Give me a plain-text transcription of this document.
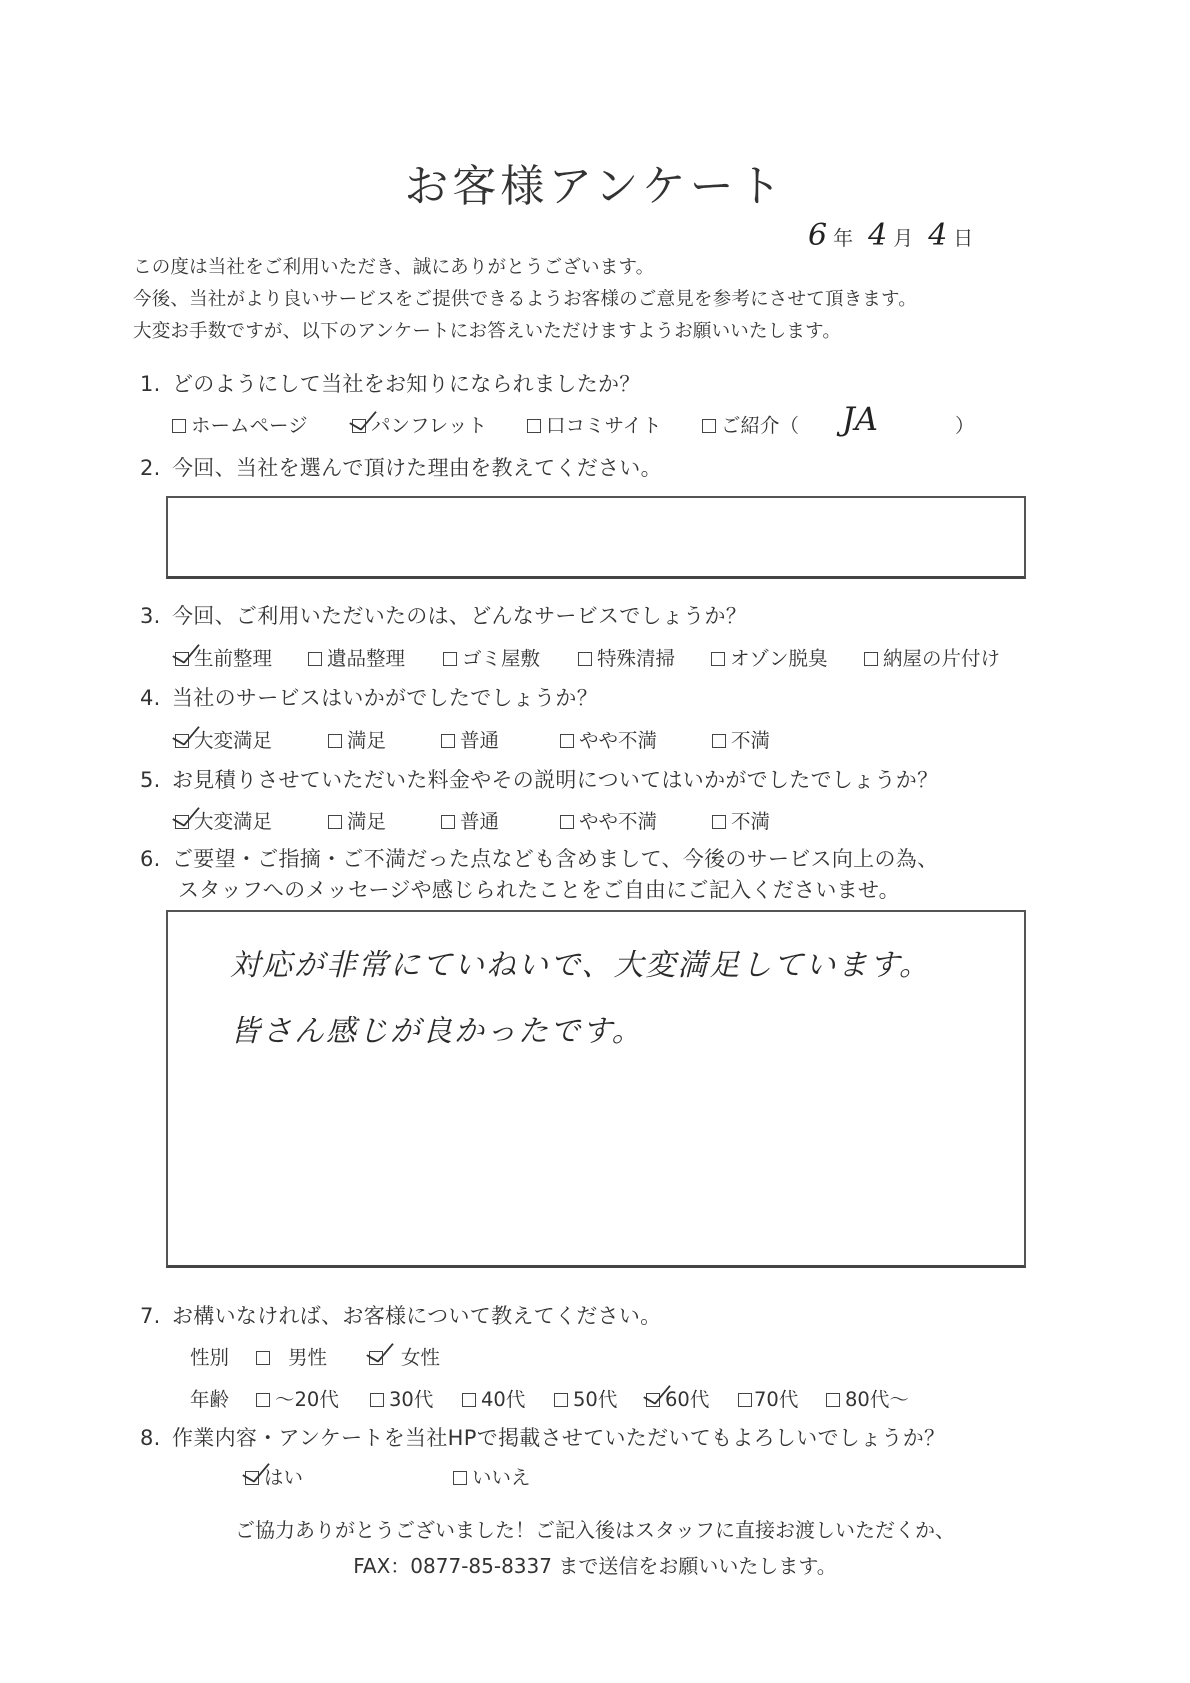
お客様アンケート
6 年 4 月 4 日
この度は当社をご利用いただき、誠にありがとうございます。
今後、当社がより良いサービスをご提供できるようお客様のご意見を参考にさせて頂きます。
大変お手数ですが、以下のアンケートにお答えいただけますようお願いいたします。
1. どのようにして当社をお知りになられましたか？
ホームページ	パンフレット	口コミサイト	ご紹介（ JA	）
2. 今回、当社を選んで頂けた理由を教えてください。
3. 今回、ご利用いただいたのは、どんなサービスでしょうか？
生前整理	遺品整理	ゴミ屋敷	特殊清掃	オゾン脱臭	納屋の片付け
4. 当社のサービスはいかがでしたでしょうか？
大変満足	満足	普通	やや不満	不満
5. お見積りさせていただいた料金やその説明についてはいかがでしたでしょうか？
大変満足	満足	普通	やや不満	不満
6. ご要望・ご指摘・ご不満だった点なども含めまして、今後のサービス向上の為、
スタッフへのメッセージや感じられたことをご自由にご記入くださいませ。
対応が非常にていねいで、大変満足しています。
皆さん感じが良かったです。
7. お構いなければ、お客様について教えてください。
性別	男性	女性
年齢	～20代	30代	40代	50代	60代	70代	80代～
8. 作業内容・アンケートを当社HPで掲載させていただいてもよろしいでしょうか？
はい	いいえ
ご協力ありがとうございました！ご記入後はスタッフに直接お渡しいただくか、
FAX：0877-85-8337 まで送信をお願いいたします。
